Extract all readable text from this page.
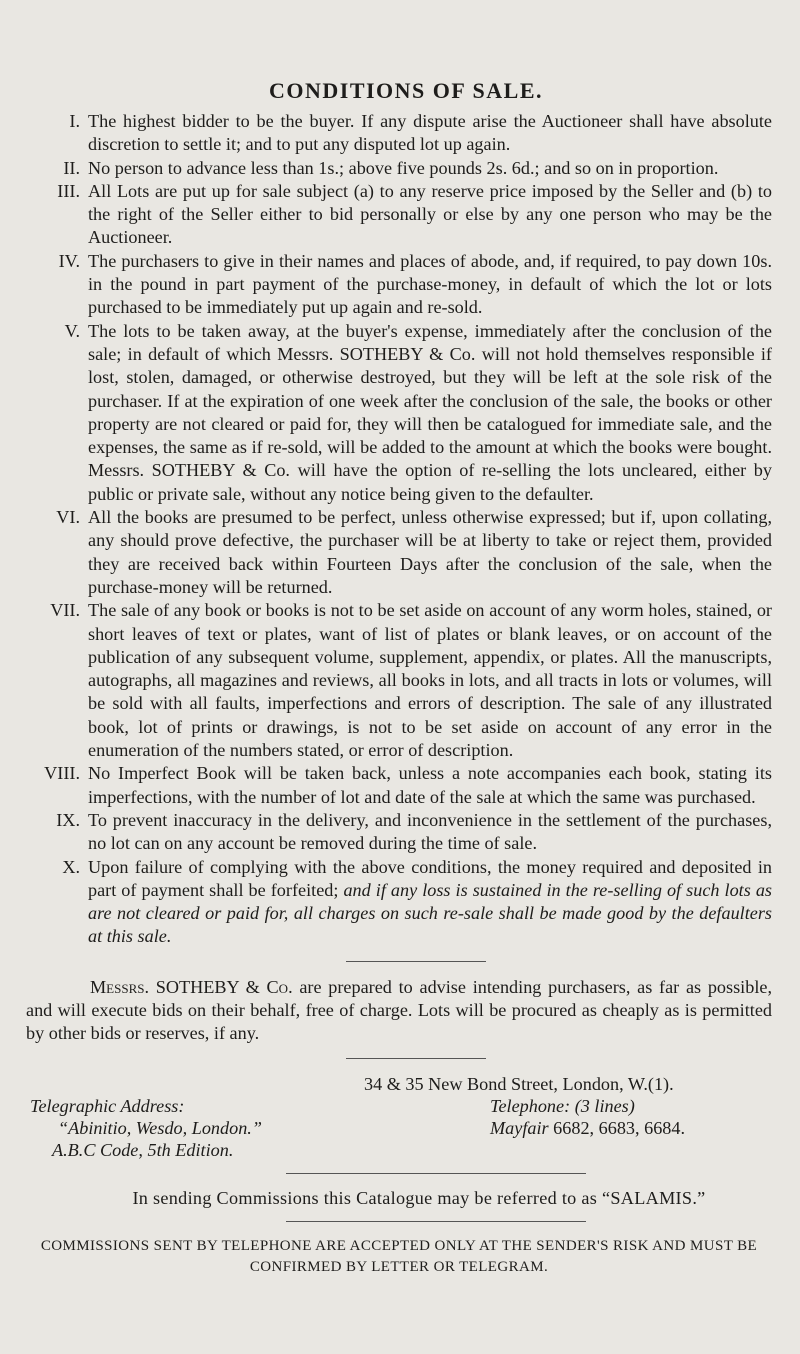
CONDITIONS OF SALE.
I. The highest bidder to be the buyer. If any dispute arise the Auctioneer shall have absolute discretion to settle it; and to put any disputed lot up again.
II. No person to advance less than 1s.; above five pounds 2s. 6d.; and so on in proportion.
III. All Lots are put up for sale subject (a) to any reserve price imposed by the Seller and (b) to the right of the Seller either to bid personally or else by any one person who may be the Auctioneer.
IV. The purchasers to give in their names and places of abode, and, if required, to pay down 10s. in the pound in part payment of the purchase-money, in default of which the lot or lots purchased to be immediately put up again and re-sold.
V. The lots to be taken away, at the buyer's expense, immediately after the conclusion of the sale; in default of which Messrs. SOTHEBY & Co. will not hold themselves responsible if lost, stolen, damaged, or otherwise destroyed, but they will be left at the sole risk of the purchaser. If at the expiration of one week after the conclusion of the sale, the books or other property are not cleared or paid for, they will then be catalogued for immediate sale, and the expenses, the same as if re-sold, will be added to the amount at which the books were bought. Messrs. SOTHEBY & Co. will have the option of re-selling the lots uncleared, either by public or private sale, without any notice being given to the defaulter.
VI. All the books are presumed to be perfect, unless otherwise expressed; but if, upon collating, any should prove defective, the purchaser will be at liberty to take or reject them, provided they are received back within Fourteen Days after the conclusion of the sale, when the purchase-money will be returned.
VII. The sale of any book or books is not to be set aside on account of any worm holes, stained, or short leaves of text or plates, want of list of plates or blank leaves, or on account of the publication of any subsequent volume, supplement, appendix, or plates. All the manuscripts, autographs, all magazines and reviews, all books in lots, and all tracts in lots or volumes, will be sold with all faults, imperfections and errors of description. The sale of any illustrated book, lot of prints or drawings, is not to be set aside on account of any error in the enumeration of the numbers stated, or error of description.
VIII. No Imperfect Book will be taken back, unless a note accompanies each book, stating its imperfections, with the number of lot and date of the sale at which the same was purchased.
IX. To prevent inaccuracy in the delivery, and inconvenience in the settlement of the purchases, no lot can on any account be removed during the time of sale.
X. Upon failure of complying with the above conditions, the money required and deposited in part of payment shall be forfeited; and if any loss is sustained in the re-selling of such lots as are not cleared or paid for, all charges on such re-sale shall be made good by the defaulters at this sale.

Messrs. SOTHEBY & Co. are prepared to advise intending purchasers, as far as possible, and will execute bids on their behalf, free of charge. Lots will be procured as cheaply as is permitted by other bids or reserves, if any.

34 & 35 New Bond Street, London, W.(1).
Telegraphic Address:
“Abinitio, Wesdo, London.”
A.B.C Code, 5th Edition.
Telephone: (3 lines)
Mayfair 6682, 6683, 6684.

In sending Commissions this Catalogue may be referred to as “SALAMIS.”

COMMISSIONS SENT BY TELEPHONE ARE ACCEPTED ONLY AT THE SENDER'S RISK AND MUST BE CONFIRMED BY LETTER OR TELEGRAM.
